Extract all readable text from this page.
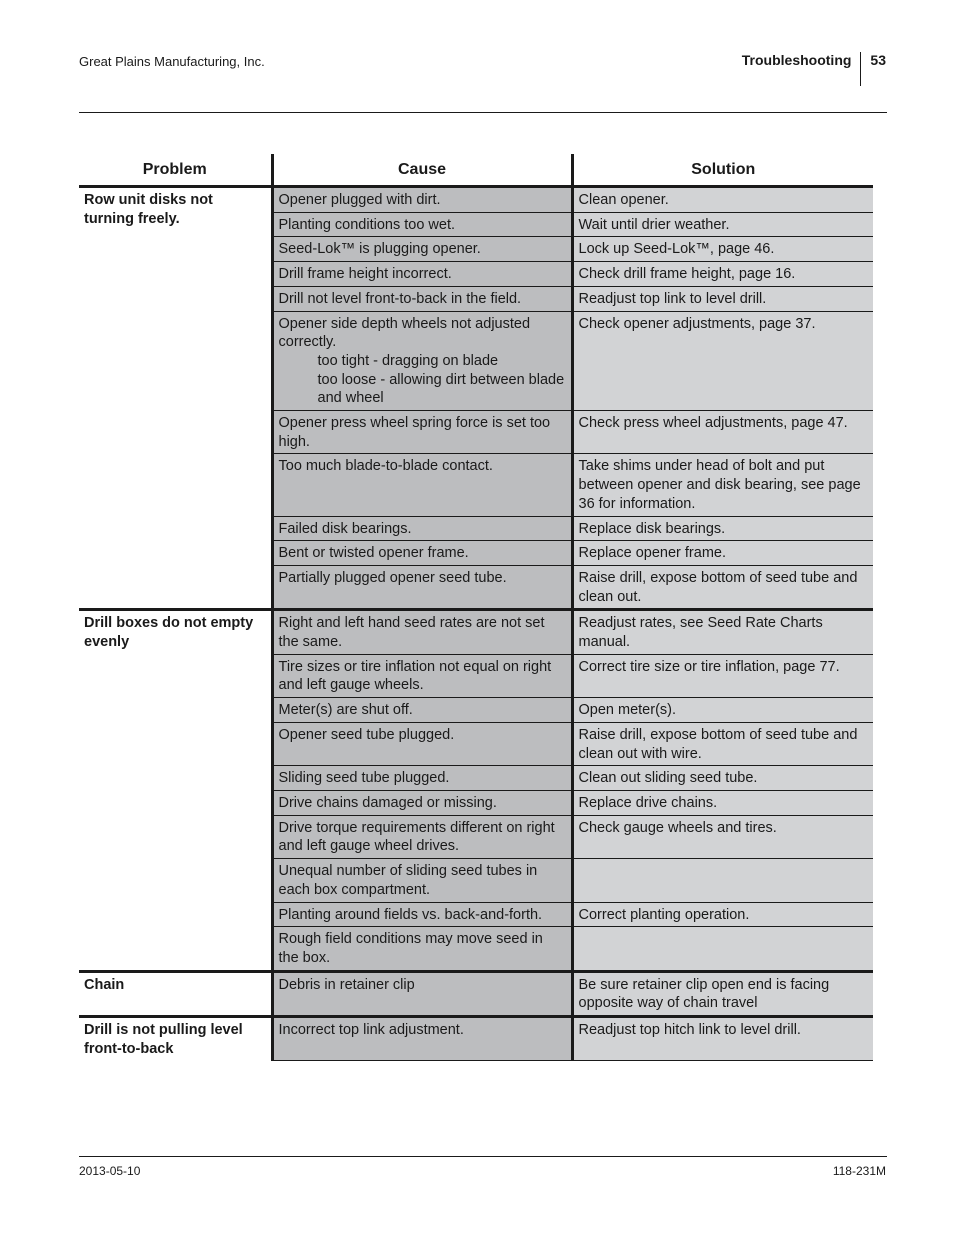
Great Plains Manufacturing, Inc.	Troubleshooting	53
Problem	Cause	Solution
Row unit disks not turning freely.	Opener plugged with dirt.	Clean opener.
	Planting conditions too wet.	Wait until drier weather.
	Seed-Lok™ is plugging opener.	Lock up Seed-Lok™, page 46.
	Drill frame height incorrect.	Check drill frame height, page 16.
	Drill not level front-to-back in the field.	Readjust top link to level drill.
	Opener side depth wheels not adjusted correctly.
too tight - dragging on blade
too loose - allowing dirt between blade and wheel	Check opener adjustments, page 37.
	Opener press wheel spring force is set too high.	Check press wheel adjustments, page 47.
	Too much blade-to-blade contact.	Take shims under head of bolt and put between opener and disk bearing, see page 36 for information.
	Failed disk bearings.	Replace disk bearings.
	Bent or twisted opener frame.	Replace opener frame.
	Partially plugged opener seed tube.	Raise drill, expose bottom of seed tube and clean out.
Drill boxes do not empty evenly	Right and left hand seed rates are not set the same.	Readjust rates, see Seed Rate Charts manual.
	Tire sizes or tire inflation not equal on right and left gauge wheels.	Correct tire size or tire inflation, page 77.
	Meter(s) are shut off.	Open meter(s).
	Opener seed tube plugged.	Raise drill, expose bottom of seed tube and clean out with wire.
	Sliding seed tube plugged.	Clean out sliding seed tube.
	Drive chains damaged or missing.	Replace drive chains.
	Drive torque requirements different on right and left gauge wheel drives.	Check gauge wheels and tires.
	Unequal number of sliding seed tubes in each box compartment.	
	Planting around fields vs. back-and-forth.	Correct planting operation.
	Rough field conditions may move seed in the box.	
Chain	Debris in retainer clip	Be sure retainer clip open end is facing opposite way of chain travel
Drill is not pulling level front-to-back	Incorrect top link adjustment.	Readjust top hitch link to level drill.
2013-05-10	118-231M
